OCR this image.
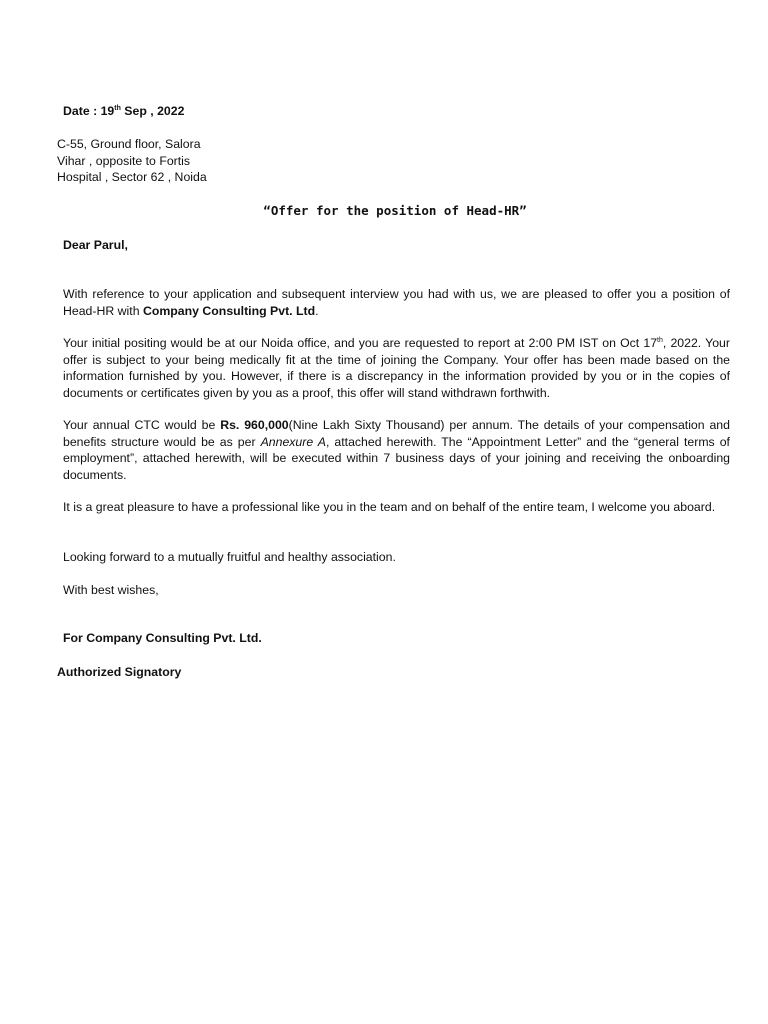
Date : 19th Sep , 2022
C-55, Ground floor, Salora
Vihar , opposite to Fortis
Hospital , Sector 62 , Noida
“Offer for the position of Head-HR”
Dear Parul,
With reference to your application and subsequent interview you had with us, we are pleased to offer you a position of Head-HR with Company Consulting Pvt. Ltd.
Your initial positing would be at our Noida office, and you are requested to report at 2:00 PM IST on Oct 17th, 2022. Your offer is subject to your being medically fit at the time of joining the Company. Your offer has been made based on the information furnished by you. However, if there is a discrepancy in the information provided by you or in the copies of documents or certificates given by you as a proof, this offer will stand withdrawn forthwith.
Your annual CTC would be Rs. 960,000(Nine Lakh Sixty Thousand) per annum. The details of your compensation and benefits structure would be as per Annexure A, attached herewith. The “Appointment Letter” and the “general terms of employment”, attached herewith, will be executed within 7 business days of your joining and receiving the onboarding documents.
It is a great pleasure to have a professional like you in the team and on behalf of the entire team, I welcome you aboard.
Looking forward to a mutually fruitful and healthy association.
With best wishes,
For Company Consulting Pvt. Ltd.
Authorized Signatory
